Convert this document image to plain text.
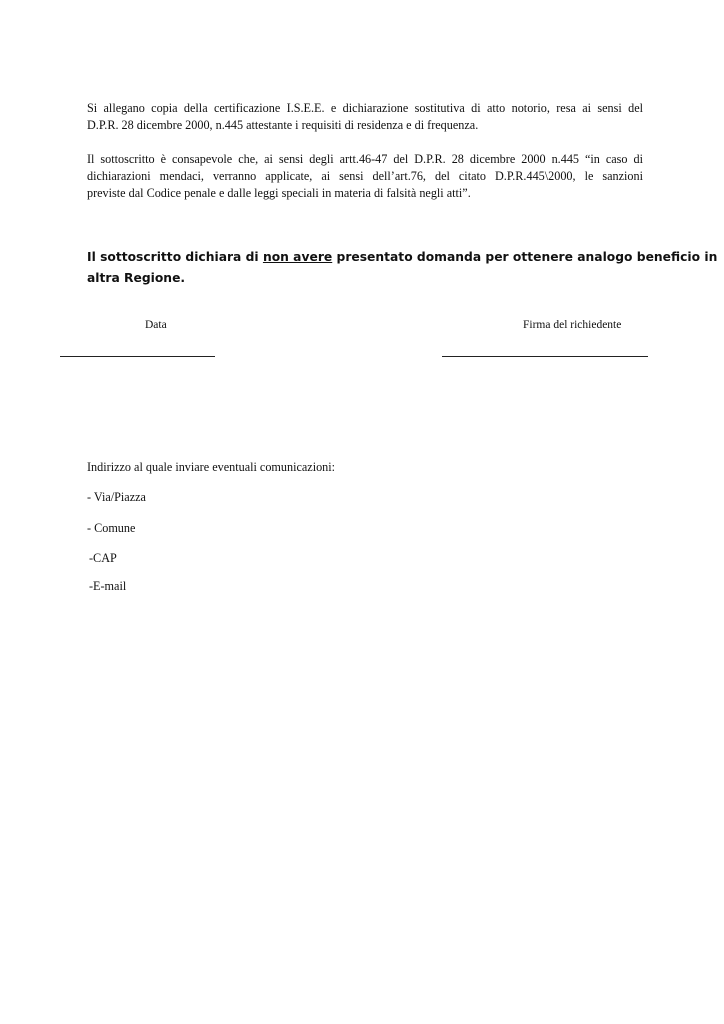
Si allegano copia della certificazione I.S.E.E. e dichiarazione sostitutiva di atto notorio, resa ai sensi del
D.P.R. 28 dicembre 2000, n.445 attestante i requisiti di residenza e di frequenza.

Il sottoscritto è consapevole che, ai sensi degli artt.46-47 del D.P.R. 28 dicembre 2000 n.445 “in caso di
dichiarazioni mendaci, verranno applicate, ai sensi dell’art.76, del citato D.P.R.445\2000, le sanzioni
previste dal Codice penale e dalle leggi speciali in materia di falsità negli atti”.

Il sottoscritto dichiara di non avere presentato domanda per ottenere analogo beneficio in
altra Regione.

Data	Firma del richiedente
Indirizzo al quale inviare eventuali comunicazioni:
- Via/Piazza
- Comune
-CAP
-E-mail
